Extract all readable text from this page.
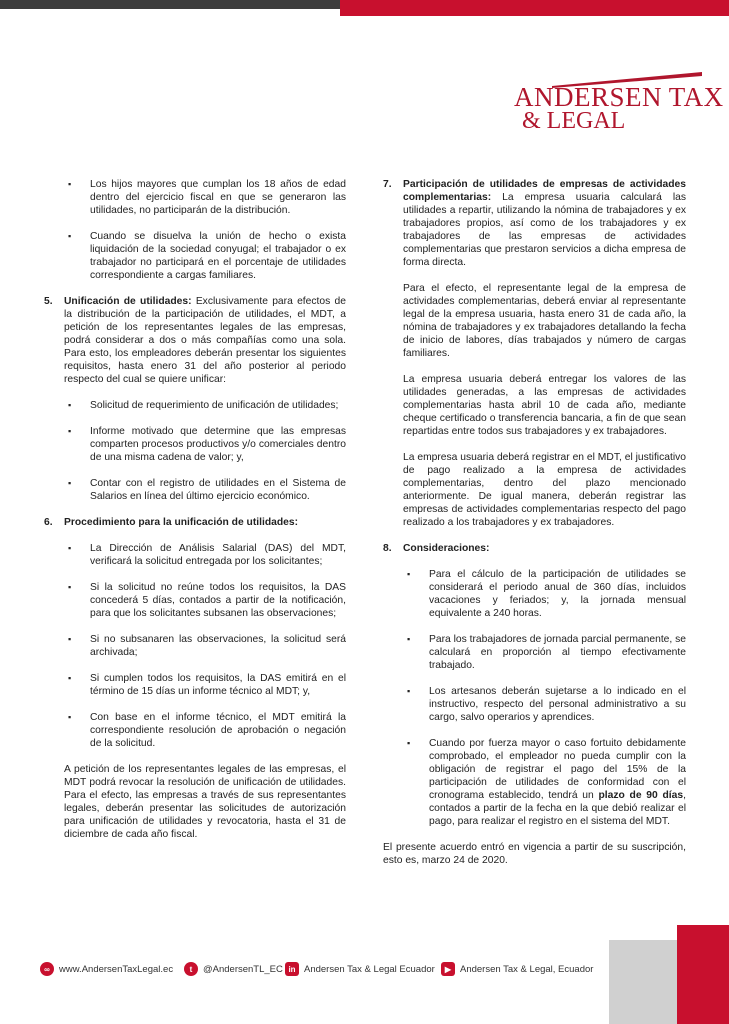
ANDERSEN TAX
& LEGAL
▪ Los hijos mayores que cumplan los 18 años de edad dentro del ejercicio fiscal en que se generaron las utilidades, no participarán de la distribución.
▪ Cuando se disuelva la unión de hecho o exista liquidación de la sociedad conyugal; el trabajador o ex trabajador no participará en el porcentaje de utilidades correspondiente a cargas familiares.
5. Unificación de utilidades: Exclusivamente para efectos de la distribución de la participación de utilidades, el MDT, a petición de los representantes legales de las empresas, podrá considerar a dos o más compañías como una sola. Para esto, los empleadores deberán presentar los siguientes requisitos, hasta enero 31 del año posterior al periodo respecto del cual se quiere unificar:
▪ Solicitud de requerimiento de unificación de utilidades;
▪ Informe motivado que determine que las empresas comparten procesos productivos y/o comerciales dentro de una misma cadena de valor; y,
▪ Contar con el registro de utilidades en el Sistema de Salarios en línea del último ejercicio económico.
6. Procedimiento para la unificación de utilidades:
▪ La Dirección de Análisis Salarial (DAS) del MDT, verificará la solicitud entregada por los solicitantes;
▪ Si la solicitud no reúne todos los requisitos, la DAS concederá 5 días, contados a partir de la notificación, para que los solicitantes subsanen las observaciones;
▪ Si no subsanaren las observaciones, la solicitud será archivada;
▪ Si cumplen todos los requisitos, la DAS emitirá en el término de 15 días un informe técnico al MDT; y,
▪ Con base en el informe técnico, el MDT emitirá la correspondiente resolución de aprobación o negación de la solicitud.
A petición de los representantes legales de las empresas, el MDT podrá revocar la resolución de unificación de utilidades. Para el efecto, las empresas a través de sus representantes legales, deberán presentar las solicitudes de autorización para unificación de utilidades y revocatoria, hasta el 31 de diciembre de cada año fiscal.
7. Participación de utilidades de empresas de actividades complementarias: La empresa usuaria calculará las utilidades a repartir, utilizando la nómina de trabajadores y ex trabajadores propios, así como de los trabajadores y ex trabajadores de las empresas de actividades complementarias que prestaron servicios a dicha empresa de forma directa.
Para el efecto, el representante legal de la empresa de actividades complementarias, deberá enviar al representante legal de la empresa usuaria, hasta enero 31 de cada año, la nómina de trabajadores y ex trabajadores detallando la fecha de inicio de labores, días trabajados y número de cargas familiares.
La empresa usuaria deberá entregar los valores de las utilidades generadas, a las empresas de actividades complementarias hasta abril 10 de cada año, mediante cheque certificado o transferencia bancaria, a fin de que sean repartidas entre todos sus trabajadores y ex trabajadores.
La empresa usuaria deberá registrar en el MDT, el justificativo de pago realizado a la empresa de actividades complementarias, dentro del plazo mencionado anteriormente. De igual manera, deberán registrar las empresas de actividades complementarias respecto del pago realizado a los trabajadores y ex trabajadores.
8. Consideraciones:
▪ Para el cálculo de la participación de utilidades se considerará el periodo anual de 360 días, incluidos vacaciones y feriados; y, la jornada mensual equivalente a 240 horas.
▪ Para los trabajadores de jornada parcial permanente, se calculará en proporción al tiempo efectivamente trabajado.
▪ Los artesanos deberán sujetarse a lo indicado en el instructivo, respecto del personal administrativo a su cargo, salvo operarios y aprendices.
▪ Cuando por fuerza mayor o caso fortuito debidamente comprobado, el empleador no pueda cumplir con la obligación de registrar el pago del 15% de la participación de utilidades de conformidad con el cronograma establecido, tendrá un plazo de 90 días, contados a partir de la fecha en la que debió realizar el pago, para realizar el registro en el sistema del MDT.
El presente acuerdo entró en vigencia a partir de su suscripción, esto es, marzo 24 de 2020.
∞ www.AndersenTaxLegal.ec	t	@AndersenTL_EC in Andersen Tax & Legal Ecuador	▶ Andersen Tax & Legal, Ecuador
